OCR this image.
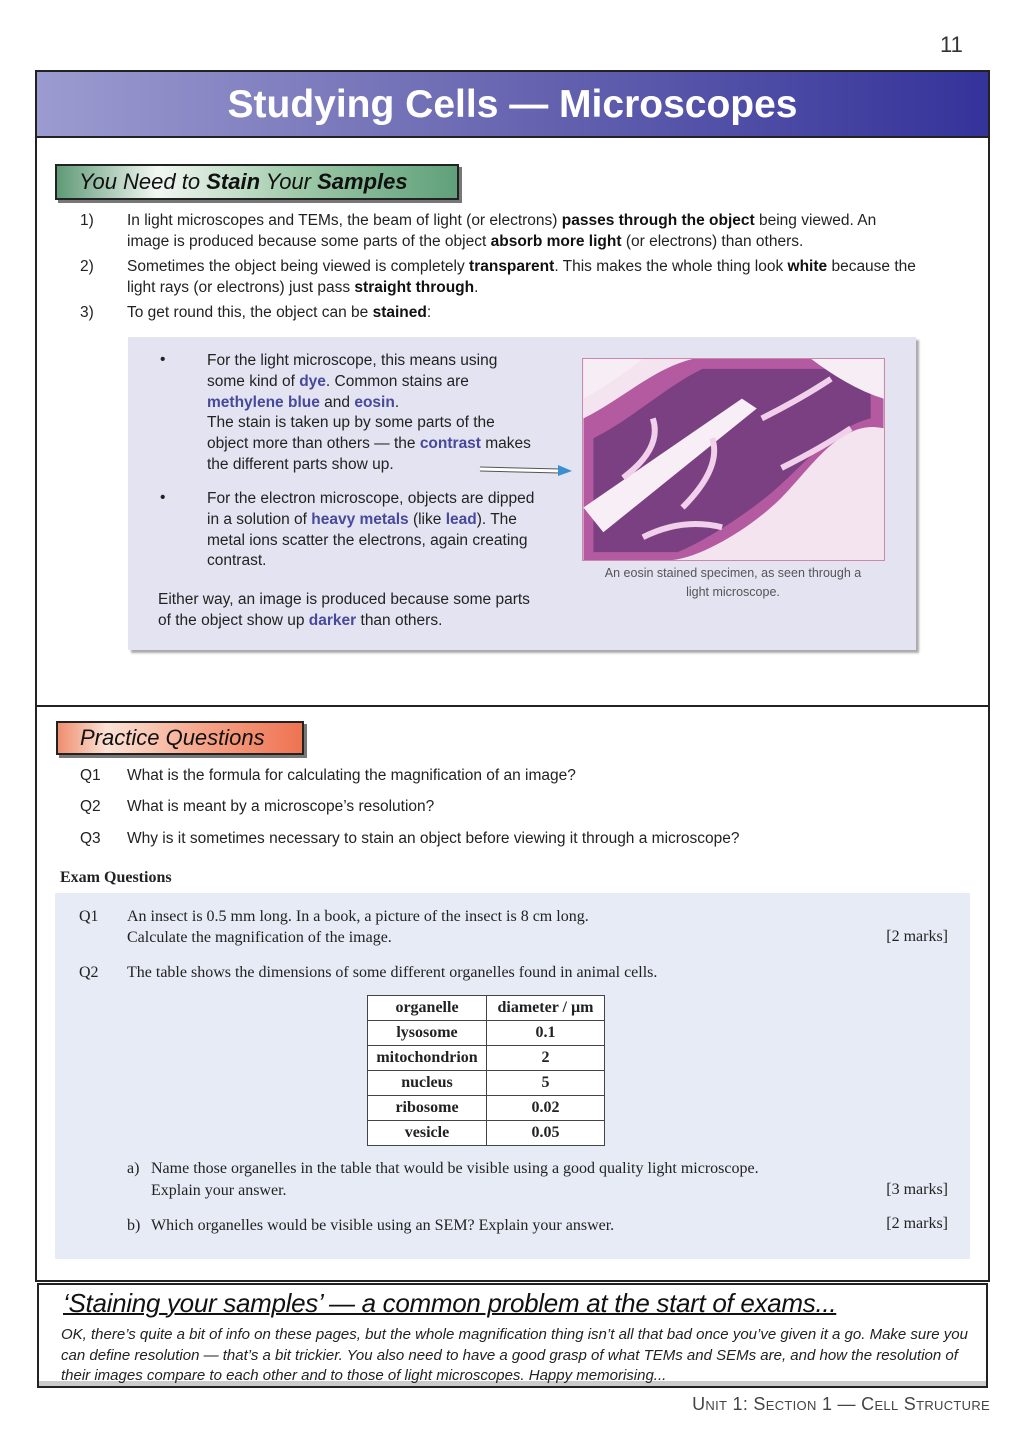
11
Studying Cells — Microscopes
You Need to Stain Your Samples
1) In light microscopes and TEMs, the beam of light (or electrons) passes through the object being viewed. An image is produced because some parts of the object absorb more light (or electrons) than others.
2) Sometimes the object being viewed is completely transparent. This makes the whole thing look white because the light rays (or electrons) just pass straight through.
3) To get round this, the object can be stained:
•	For the light microscope, this means using some kind of dye. Common stains are methylene blue and eosin.
The stain is taken up by some parts of the object more than others — the contrast makes the different parts show up.
•	For the electron microscope, objects are dipped in a solution of heavy metals (like lead). The metal ions scatter the electrons, again creating contrast.
Either way, an image is produced because some parts of the object show up darker than others.
An eosin stained specimen, as seen through a light microscope.
Practice Questions
Q1 What is the formula for calculating the magnification of an image?
Q2 What is meant by a microscope’s resolution?
Q3 Why is it sometimes necessary to stain an object before viewing it through a microscope?
Exam Questions
Q1 An insect is 0.5 mm long. In a book, a picture of the insect is 8 cm long.
Calculate the magnification of the image.	[2 marks]
Q2 The table shows the dimensions of some different organelles found in animal cells.
a) Name those organelles in the table that would be visible using a good quality light microscope.
Explain your answer.	[3 marks]
b) Which organelles would be visible using an SEM? Explain your answer.	[2 marks]
organelle	diameter / µm
lysosome	0.1
mitochondrion	2
nucleus	5
ribosome	0.02
vesicle	0.05
‘Staining your samples’ — a common problem at the start of exams...
OK, there’s quite a bit of info on these pages, but the whole magnification thing isn’t all that bad once you’ve given it a go. Make sure you can define resolution — that’s a bit trickier. You also need to have a good grasp of what TEMs and SEMs are, and how the resolution of their images compare to each other and to those of light microscopes. Happy memorising...
Unit 1: Section 1 — Cell Structure
